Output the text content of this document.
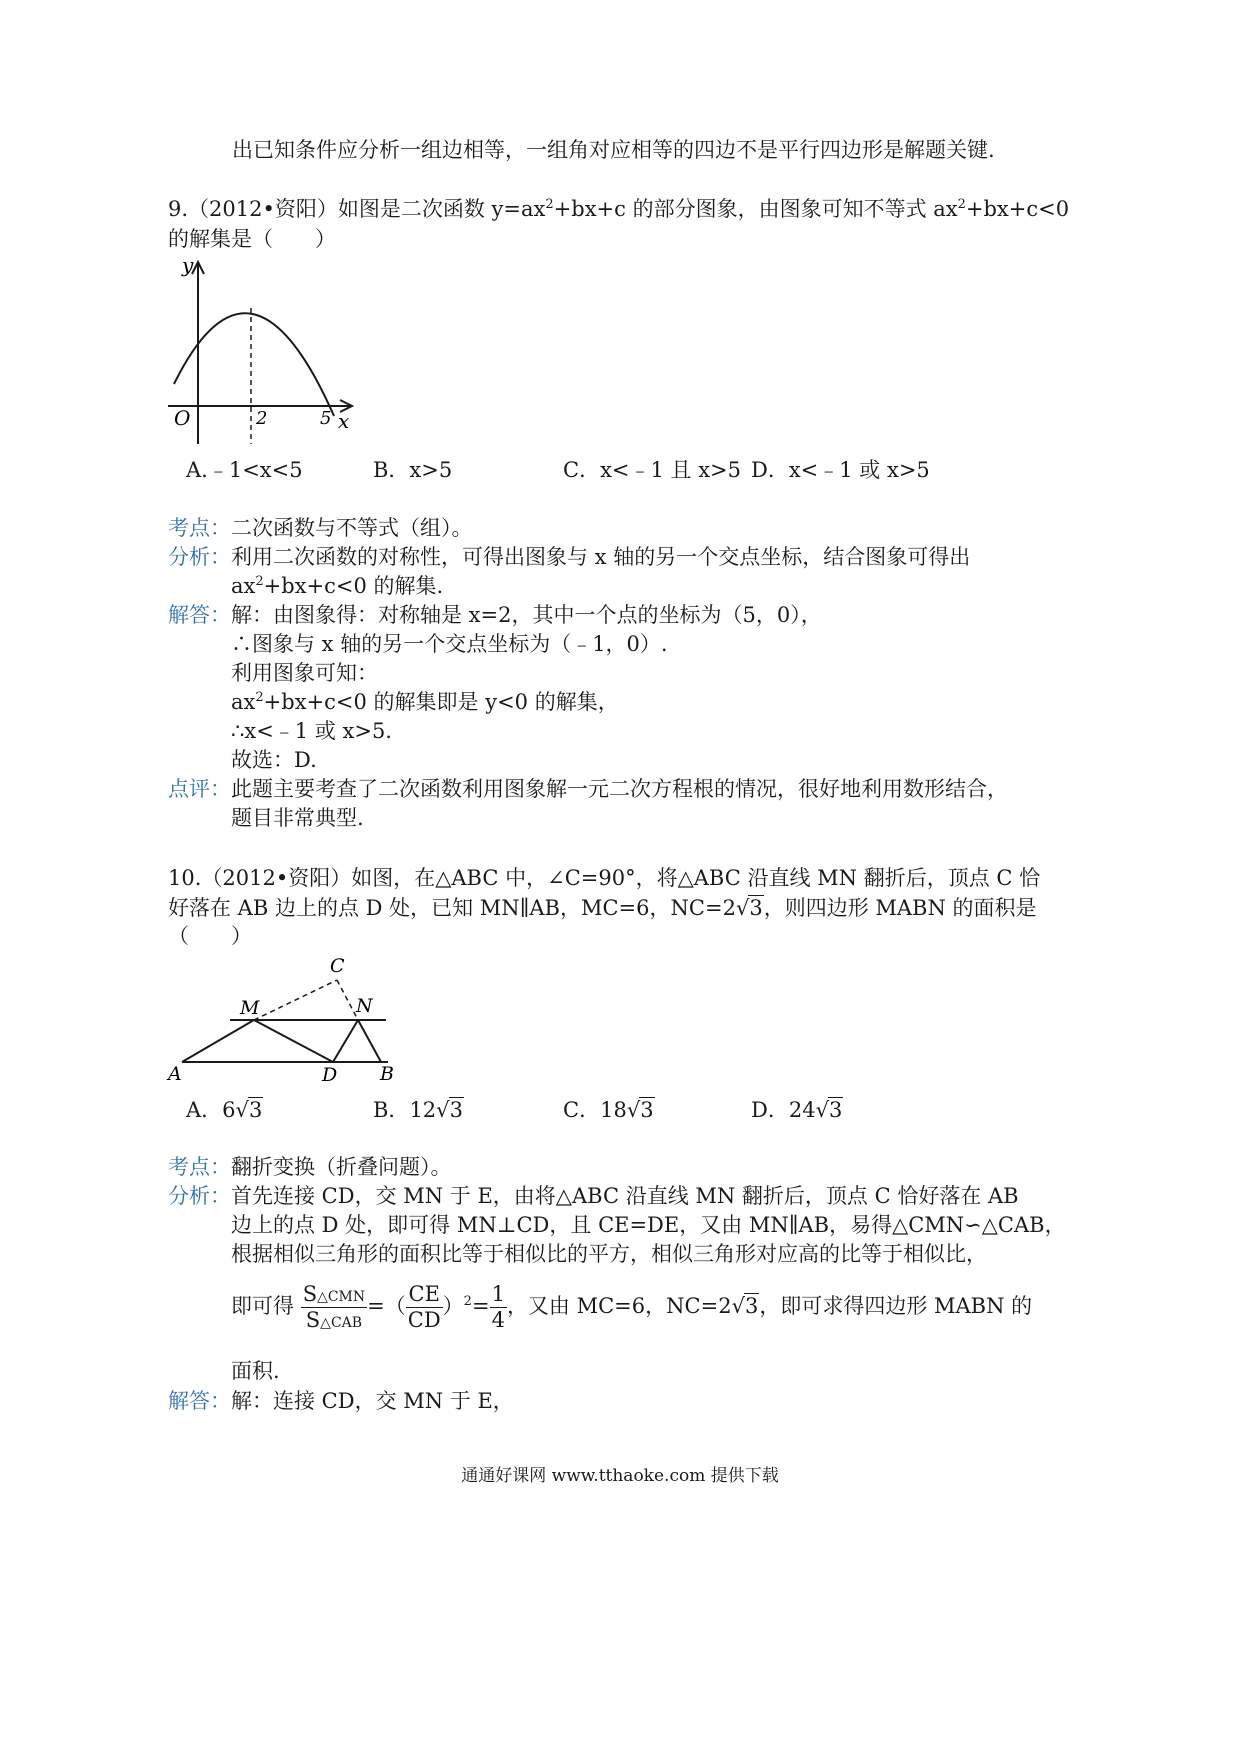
出已知条件应分析一组边相等，一组角对应相等的四边不是平行四边形是解题关键.
9.（2012•资阳）如图是二次函数 $y=ax^2+bx+c$ 的部分图象，由图象可知不等式 $ax^2+bx+c<0$
的解集是（　　）
y
O	2	5 x
A.﹣1<x<5	B．x>5	C．x<﹣1 且 x>5 D．x<﹣1 或 x>5
考点： 二次函数与不等式（组）。
分析： 利用二次函数的对称性，可得出图象与 x 轴的另一个交点坐标，结合图象可得出
$ax^2+bx+c<0$ 的解集.
解答： 解：由图象得：对称轴是 x=2，其中一个点的坐标为（5，0），
∴图象与 x 轴的另一个交点坐标为（﹣1，0）.
利用图象可知：
$ax^2+bx+c<0$ 的解集即是 y<0 的解集，
∴x<﹣1 或 x>5.
故选：D.
点评： 此题主要考查了二次函数利用图象解一元二次方程根的情况，很好地利用数形结合，
题目非常典型.
10.（2012•资阳）如图，在△ABC 中，∠C=90°，将△ABC 沿直线 MN 翻折后，顶点 C 恰
好落在 AB 边上的点 D 处，已知 MN∥AB，MC=6，NC=2√3，则四边形 MABN 的面积是
（　　）
C
M	N
A	D B
A．6√3	B．12√3	C．18√3	D．24√3
考点： 翻折变换（折叠问题）。
分析： 首先连接 CD，交 MN 于 E，由将△ABC 沿直线 MN 翻折后，顶点 C 恰好落在 AB
边上的点 D 处，即可得 MN⊥CD，且 CE=DE，又由 MN∥AB，易得△CMN∽△CAB，
根据相似三角形的面积比等于相似比的平方，相似三角形对应高的比等于相似比，
即可得 $\frac{\text{S△CMN}}{\text{S△CAB}}$ =（ $\frac{CE}{CD} )^2= \frac{1}{4}$ ，又由 MC=6，NC=2√3，即可求得四边形 MABN 的
面积.
解答： 解：连接 CD，交 MN 于 E，
通通好课网 www.tthaoke.com 提供下载
